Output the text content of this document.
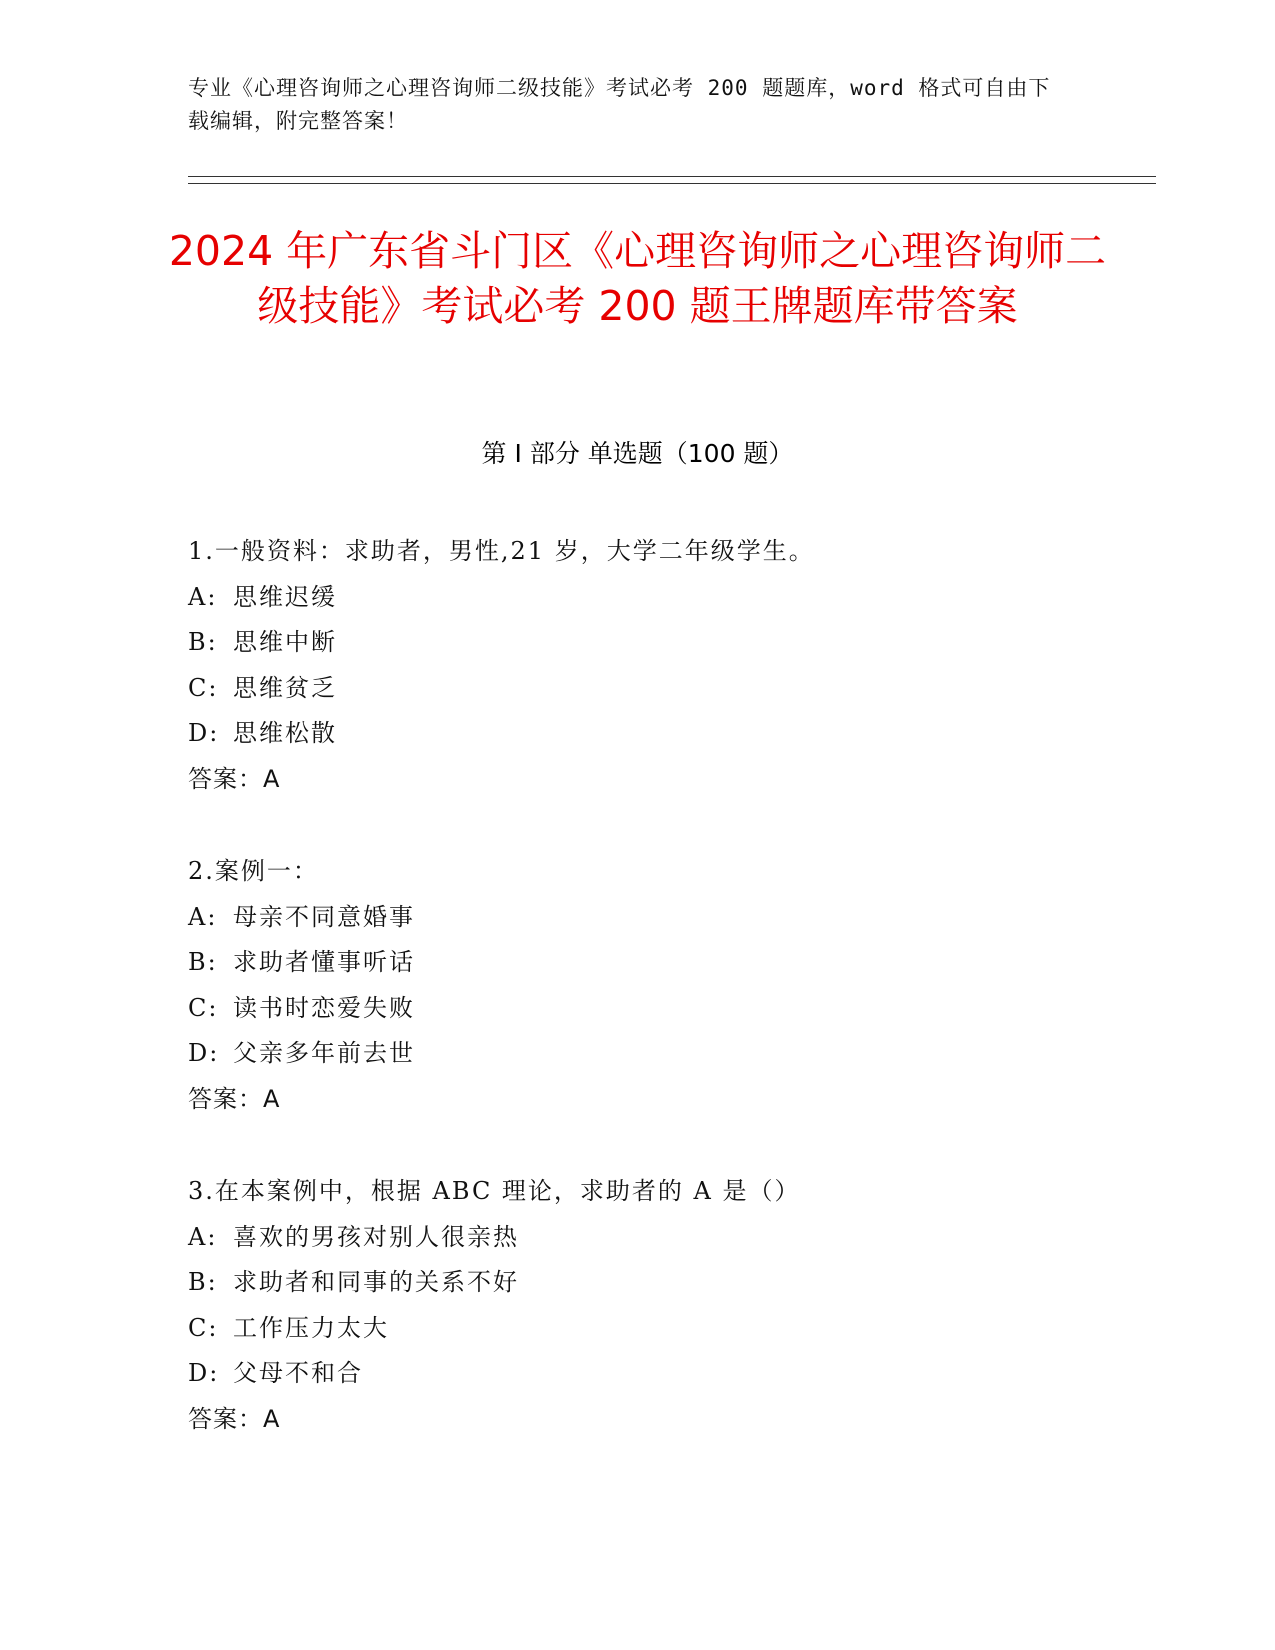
专业《心理咨询师之心理咨询师二级技能》考试必考 200 题题库，word 格式可自由下载编辑，附完整答案！
2024 年广东省斗门区《心理咨询师之心理咨询师二级技能》考试必考 200 题王牌题库带答案
第 I 部分 单选题（100 题）
1.一般资料：求助者，男性,21 岁，大学二年级学生。
A: 思维迟缓
B: 思维中断
C: 思维贫乏
D: 思维松散
答案：A
2.案例一：
A: 母亲不同意婚事
B: 求助者懂事听话
C: 读书时恋爱失败
D: 父亲多年前去世
答案：A
3.在本案例中，根据 ABC 理论，求助者的 A 是（）
A: 喜欢的男孩对别人很亲热
B: 求助者和同事的关系不好
C: 工作压力太大
D: 父母不和合
答案：A
